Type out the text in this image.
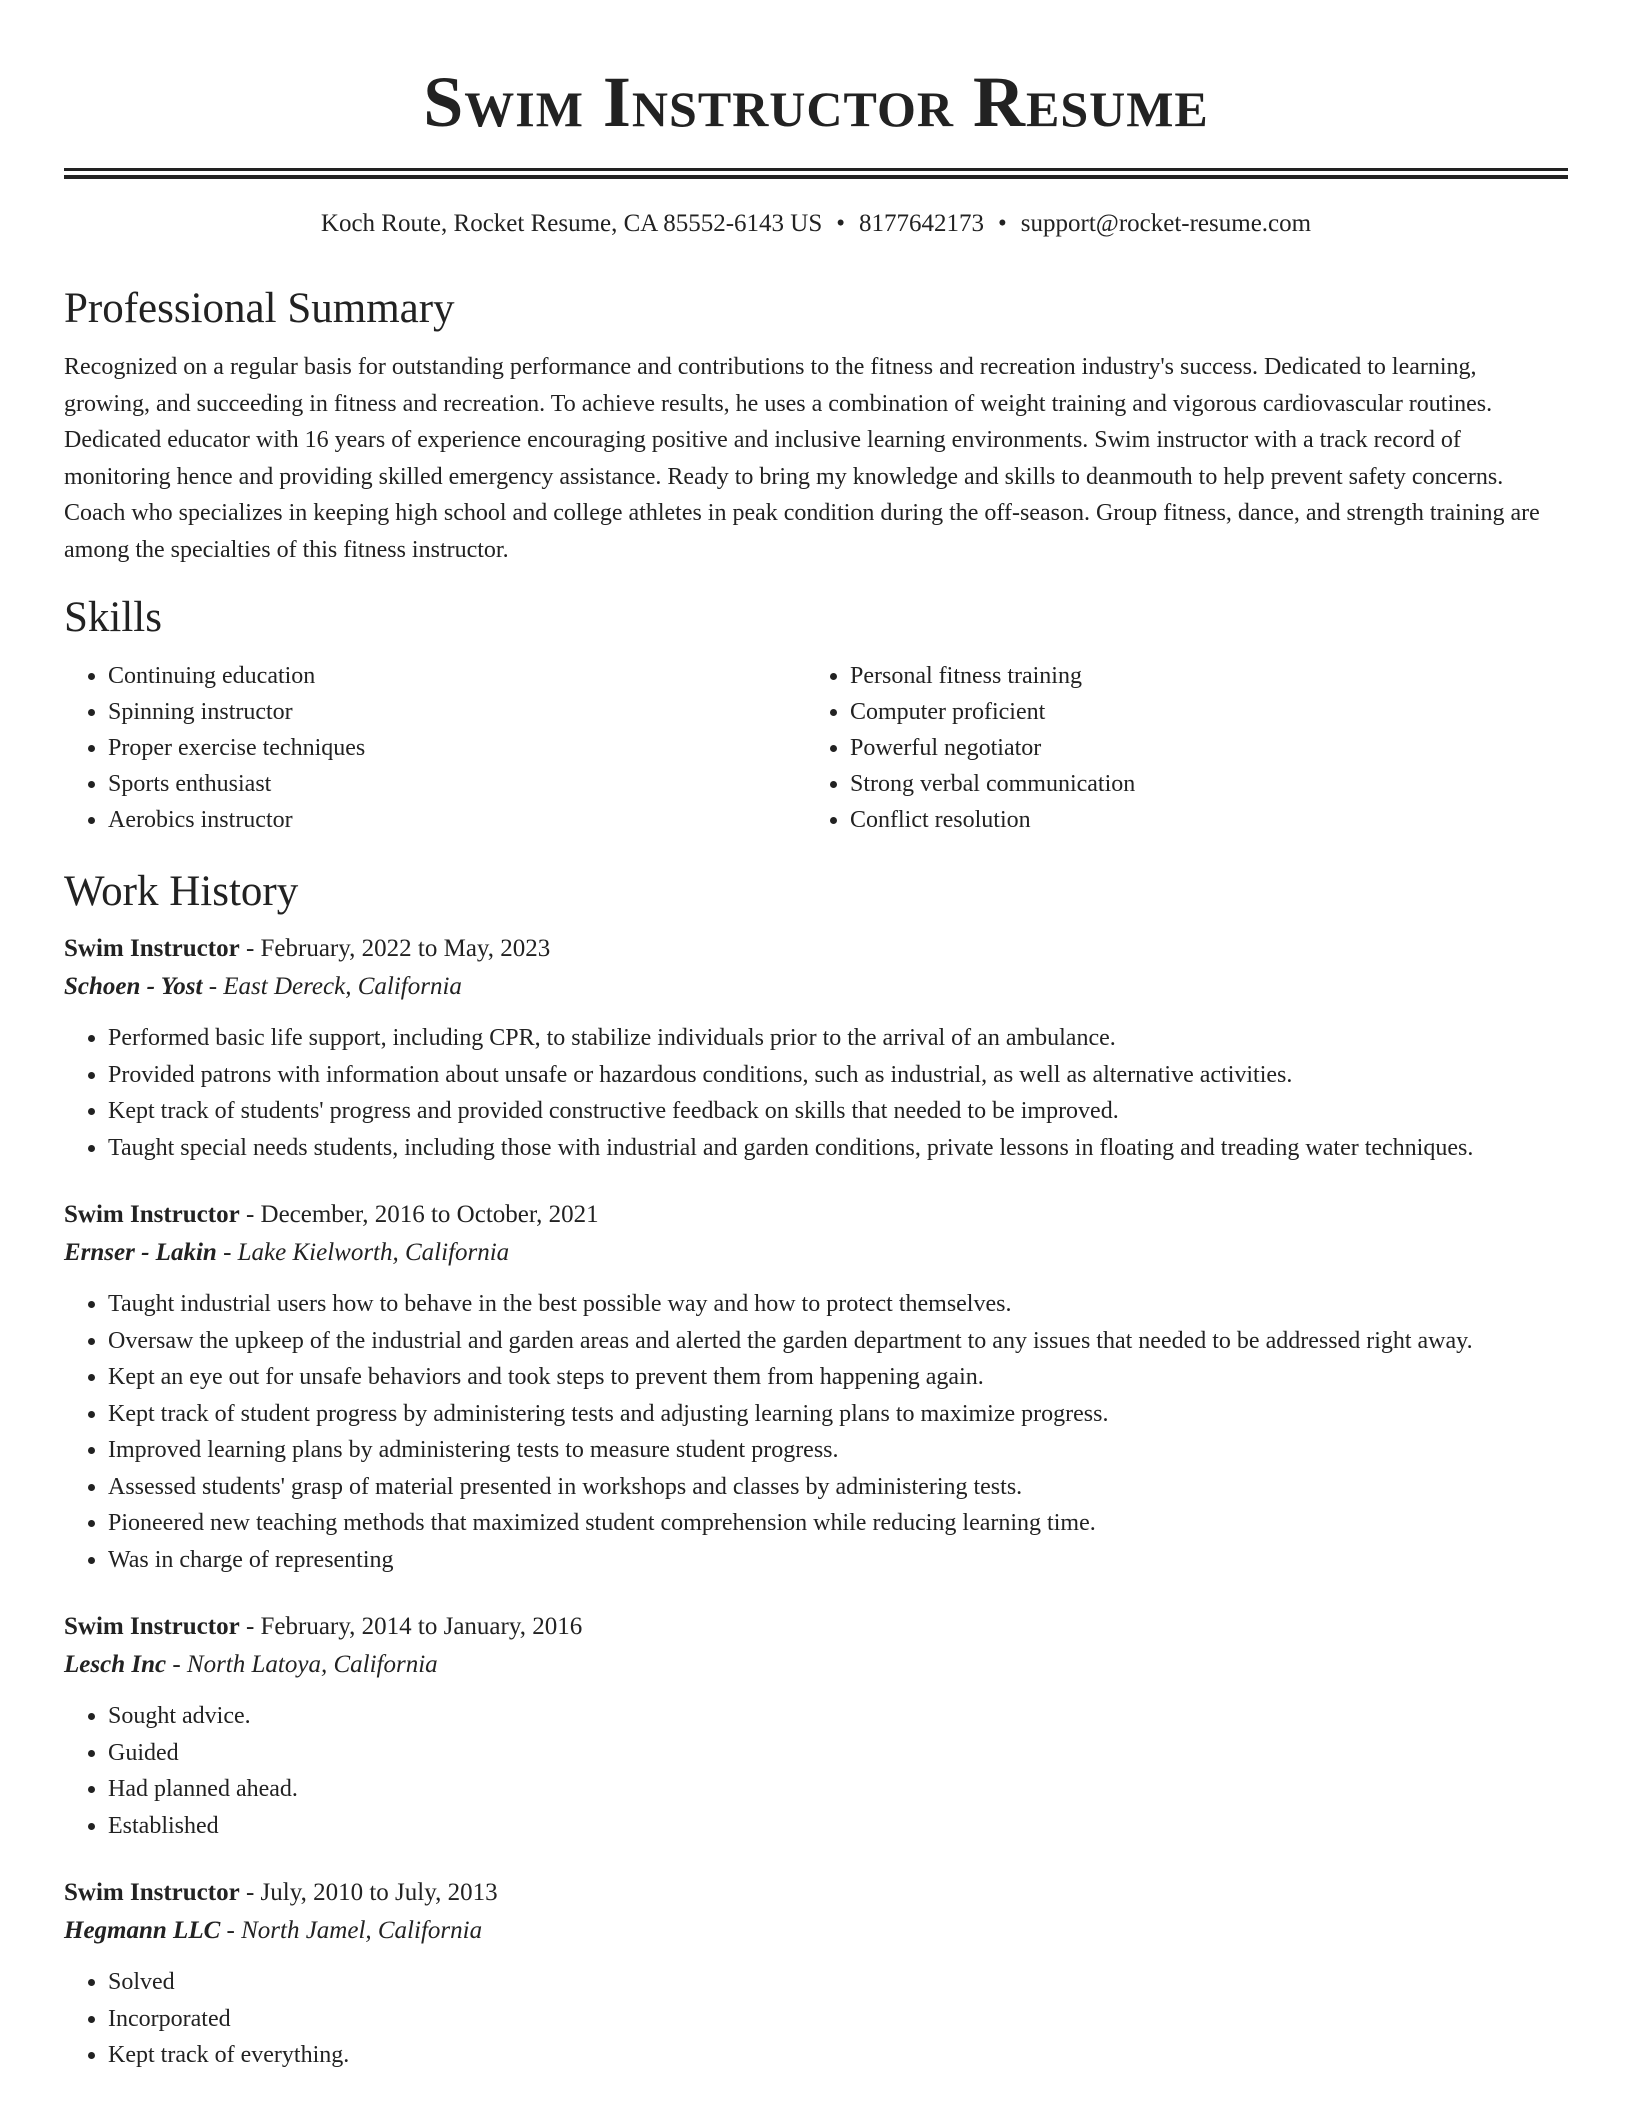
Swim Instructor Resume
Koch Route, Rocket Resume, CA 85552-6143 US • 8177642173 • support@rocket-resume.com
Professional Summary

Recognized on a regular basis for outstanding performance and contributions to the fitness and recreation industry's success. Dedicated to learning, growing, and succeeding in fitness and recreation. To achieve results, he uses a combination of weight training and vigorous cardiovascular routines. Dedicated educator with 16 years of experience encouraging positive and inclusive learning environments. Swim instructor with a track record of monitoring hence and providing skilled emergency assistance. Ready to bring my knowledge and skills to deanmouth to help prevent safety concerns. Coach who specializes in keeping high school and college athletes in peak condition during the off-season. Group fitness, dance, and strength training are among the specialties of this fitness instructor.

Skills
• Continuing education
• Spinning instructor
• Proper exercise techniques
• Sports enthusiast
• Aerobics instructor
• Personal fitness training
• Computer proficient
• Powerful negotiator
• Strong verbal communication
• Conflict resolution
Work History
Swim Instructor - February, 2022 to May, 2023
Schoen - Yost - East Dereck, California
• Performed basic life support, including CPR, to stabilize individuals prior to the arrival of an ambulance.
• Provided patrons with information about unsafe or hazardous conditions, such as industrial, as well as alternative activities.
• Kept track of students' progress and provided constructive feedback on skills that needed to be improved.
• Taught special needs students, including those with industrial and garden conditions, private lessons in floating and treading water techniques.
Swim Instructor - December, 2016 to October, 2021
Ernser - Lakin - Lake Kielworth, California
• Taught industrial users how to behave in the best possible way and how to protect themselves.
• Oversaw the upkeep of the industrial and garden areas and alerted the garden department to any issues that needed to be addressed right away.
• Kept an eye out for unsafe behaviors and took steps to prevent them from happening again.
• Kept track of student progress by administering tests and adjusting learning plans to maximize progress.
• Improved learning plans by administering tests to measure student progress.
• Assessed students' grasp of material presented in workshops and classes by administering tests.
• Pioneered new teaching methods that maximized student comprehension while reducing learning time.
• Was in charge of representing
Swim Instructor - February, 2014 to January, 2016
Lesch Inc - North Latoya, California
• Sought advice.
• Guided
• Had planned ahead.
• Established
Swim Instructor - July, 2010 to July, 2013
Hegmann LLC - North Jamel, California
• Solved
• Incorporated
• Kept track of everything.
